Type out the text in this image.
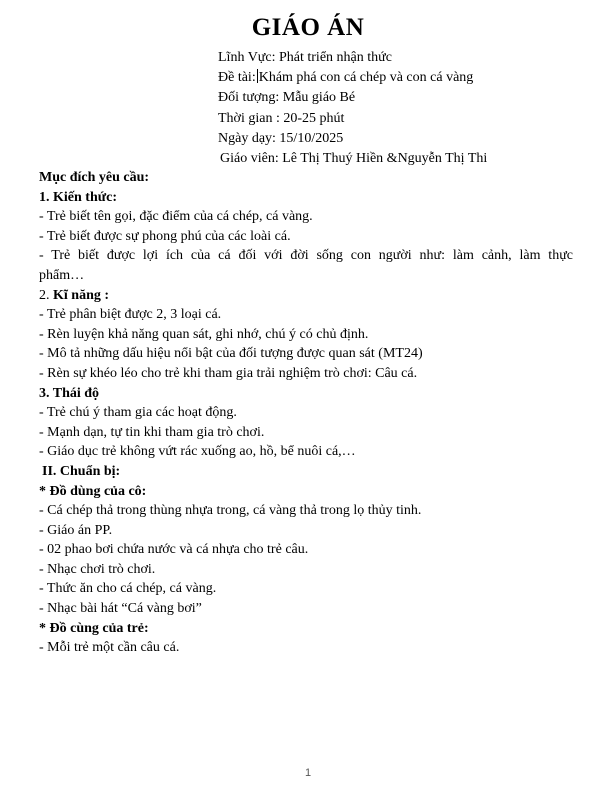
GIÁO ÁN
Lĩnh Vực: Phát triển nhận thức
Đề tài: Khám phá con cá chép và con cá vàng
Đối tượng: Mẫu giáo Bé
Thời gian : 20-25 phút
Ngày dạy: 15/10/2025
Giáo viên: Lê Thị Thuý Hiền &Nguyễn Thị Thi

Mục đích yêu cầu:

1. Kiến thức:

- Trẻ biết tên gọi, đặc điểm của cá chép, cá vàng.

- Trẻ biết được sự phong phú của các loài cá.

- Trẻ biết được lợi ích của cá đối với đời sống con người như: làm cảnh, làm thực phẩm…

2. Kĩ năng :

- Trẻ phân biệt được 2, 3 loại cá.

- Rèn luyện khả năng quan sát, ghi nhớ, chú ý có chủ định.

- Mô tả những dấu hiệu nổi bật của đối tượng được quan sát (MT24)

- Rèn sự khéo léo cho trẻ khi tham gia trải nghiệm trò chơi: Câu cá.

3. Thái độ

- Trẻ chú ý tham gia các hoạt động.

- Mạnh dạn, tự tin khi tham gia trò chơi.

- Giáo dục trẻ không vứt rác xuống ao, hồ, bể nuôi cá,…

II. Chuẩn bị:

* Đồ dùng của cô:

- Cá chép thả trong thùng nhựa trong, cá vàng thả trong lọ thủy tinh.

- Giáo án PP.

- 02 phao bơi chứa nước và cá nhựa cho trẻ câu.

- Nhạc chơi trò chơi.

- Thức ăn cho cá chép, cá vàng.

- Nhạc bài hát “Cá vàng bơi”

* Đồ cùng của trẻ:

- Mỗi trẻ một cần câu cá.

1
